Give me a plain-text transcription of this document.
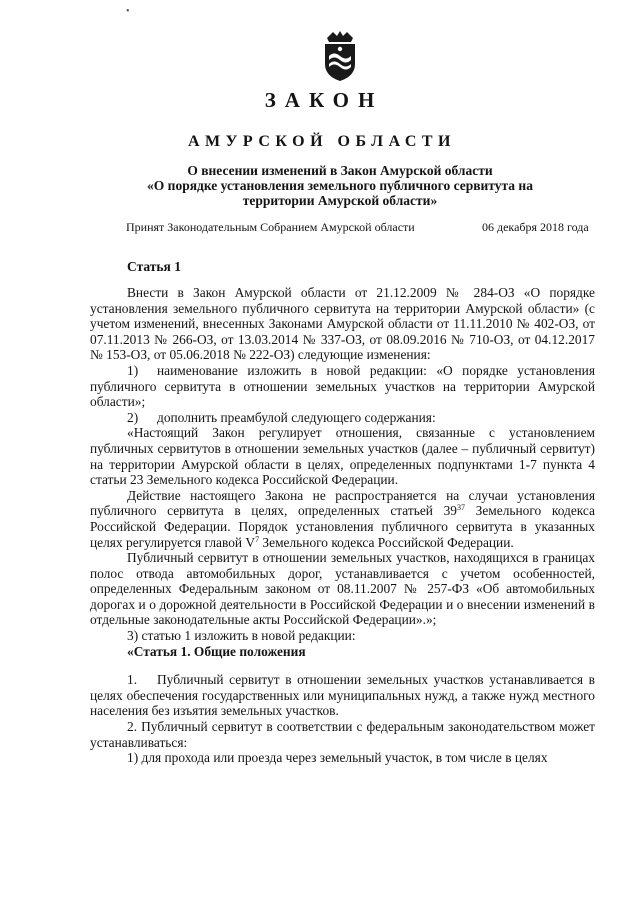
•
ЗАКОН
АМУРСКОЙ ОБЛАСТИ
О внесении изменений в Закон Амурской области
«О порядке установления земельного публичного сервитута на
территории Амурской области»
Принят Законодательным Собранием Амурской области	06 декабря 2018 года
Статья 1

Внести в Закон Амурской области от 21.12.2009 № 284-ОЗ «О порядке установления земельного публичного сервитута на территории Амурской области» (с учетом изменений, внесенных Законами Амурской области от 11.11.2010 № 402-ОЗ, от 07.11.2013 № 266-ОЗ, от 13.03.2014 № 337-ОЗ, от 08.09.2016 № 710-ОЗ, от 04.12.2017 № 153-ОЗ, от 05.06.2018 № 222-ОЗ) следующие изменения:

1) наименование изложить в новой редакции: «О порядке установления публичного сервитута в отношении земельных участков на территории Амурской области»;

2) дополнить преамбулой следующего содержания:

«Настоящий Закон регулирует отношения, связанные с установлением публичных сервитутов в отношении земельных участков (далее – публичный сервитут) на территории Амурской области в целях, определенных подпунктами 1-7 пункта 4 статьи 23 Земельного кодекса Российской Федерации.

Действие настоящего Закона не распространяется на случаи установления публичного сервитута в целях, определенных статьей $39^{37}$ Земельного кодекса Российской Федерации. Порядок установления публичного сервитута в указанных целях регулируется главой $V^7$ Земельного кодекса Российской Федерации.

Публичный сервитут в отношении земельных участков, находящихся в границах полос отвода автомобильных дорог, устанавливается с учетом особенностей, определенных Федеральным законом от 08.11.2007 № 257-ФЗ «Об автомобильных дорогах и о дорожной деятельности в Российской Федерации и о внесении изменений в отдельные законодательные акты Российской Федерации».»;

3) статью 1 изложить в новой редакции:

«Статья 1. Общие положения

1. Публичный сервитут в отношении земельных участков устанавливается в целях обеспечения государственных или муниципальных нужд, а также нужд местного населения без изъятия земельных участков.

2. Публичный сервитут в соответствии с федеральным законодательством может устанавливаться:

1) для прохода или проезда через земельный участок, в том числе в целях
